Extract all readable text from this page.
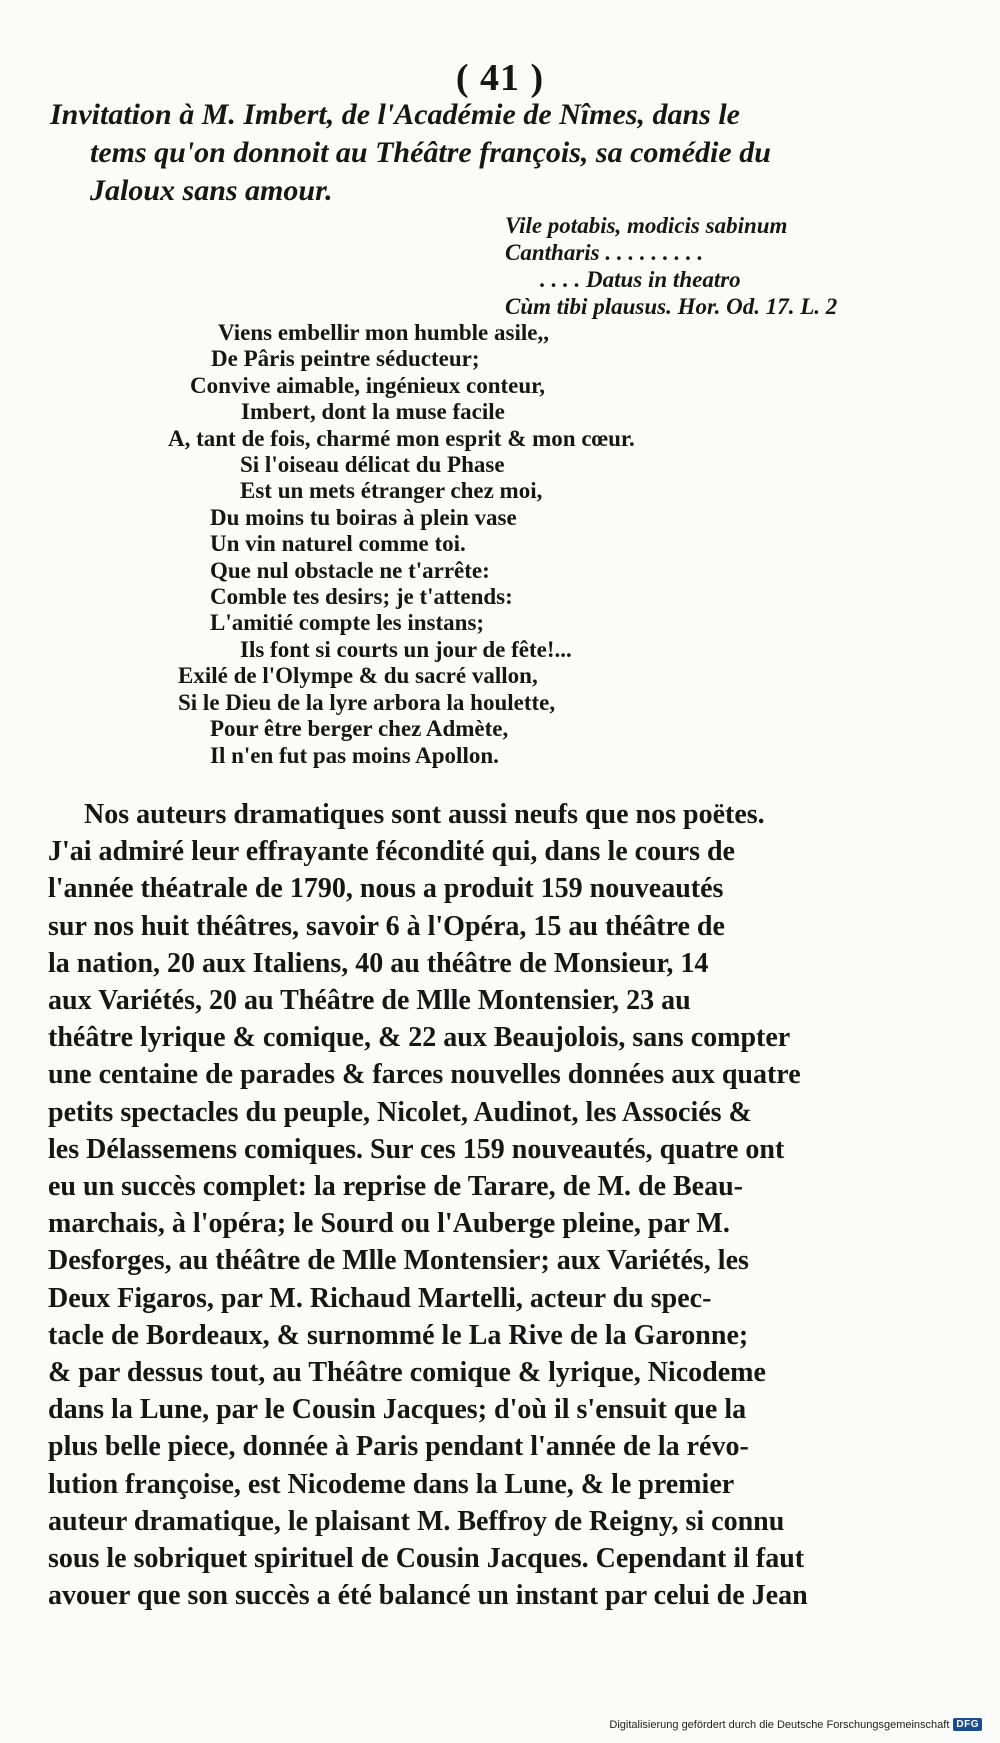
( 41 )
Invitation à M. Imbert, de l'Académie de Nîmes, dans le
tems qu'on donnoit au Théâtre françois, sa comédie du
Jaloux sans amour.
Vile potabis, modicis sabinum
Cantharis . . . . . . . . .
. . . . Datus in theatro
Cùm tibi plausus. Hor. Od. 17. L. 2
Viens embellir mon humble asile,,
De Pâris peintre séducteur;
Convive aimable, ingénieux conteur,
Imbert, dont la muse facile
A, tant de fois, charmé mon esprit & mon cœur.
Si l'oiseau délicat du Phase
Est un mets étranger chez moi,
Du moins tu boiras à plein vase
Un vin naturel comme toi.
Que nul obstacle ne t'arrête:
Comble tes desirs; je t'attends:
L'amitié compte les instans;
Ils font si courts un jour de fête!...
Exilé de l'Olympe & du sacré vallon,
Si le Dieu de la lyre arbora la houlette,
Pour être berger chez Admète,
Il n'en fut pas moins Apollon.
Nos auteurs dramatiques sont aussi neufs que nos poëtes.
J'ai admiré leur effrayante fécondité qui, dans le cours de
l'année théatrale de 1790, nous a produit 159 nouveautés
sur nos huit théâtres, savoir 6 à l'Opéra, 15 au théâtre de
la nation, 20 aux Italiens, 40 au théâtre de Monsieur, 14
aux Variétés, 20 au Théâtre de Mlle Montensier, 23 au
théâtre lyrique & comique, & 22 aux Beaujolois, sans compter
une centaine de parades & farces nouvelles données aux quatre
petits spectacles du peuple, Nicolet, Audinot, les Associés &
les Délassemens comiques. Sur ces 159 nouveautés, quatre ont
eu un succès complet: la reprise de Tarare, de M. de Beau-
marchais, à l'opéra; le Sourd ou l'Auberge pleine, par M.
Desforges, au théâtre de Mlle Montensier; aux Variétés, les
Deux Figaros, par M. Richaud Martelli, acteur du spec-
tacle de Bordeaux, & surnommé le La Rive de la Garonne;
& par dessus tout, au Théâtre comique & lyrique, Nicodeme
dans la Lune, par le Cousin Jacques; d'où il s'ensuit que la
plus belle piece, donnée à Paris pendant l'année de la révo-
lution françoise, est Nicodeme dans la Lune, & le premier
auteur dramatique, le plaisant M. Beffroy de Reigny, si connu
sous le sobriquet spirituel de Cousin Jacques. Cependant il faut
avouer que son succès a été balancé un instant par celui de Jean
Digitalisierung gefördert durch die Deutsche Forschungsgemeinschaft DFG
